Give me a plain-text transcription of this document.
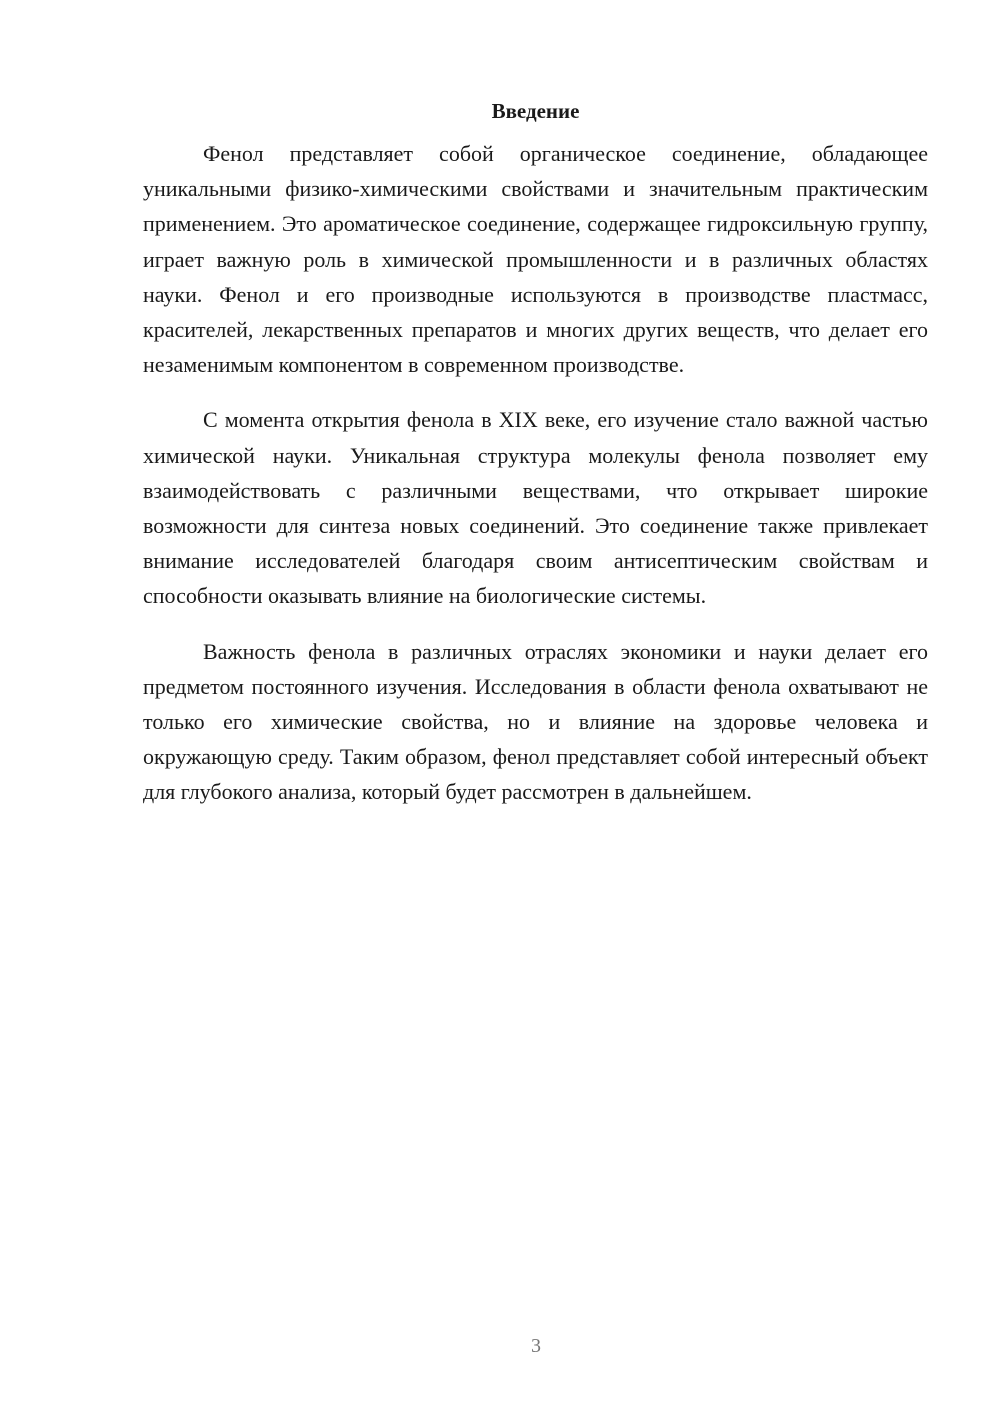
Введение

Фенол представляет собой органическое соединение, обладающее уникальными физико-химическими свойствами и значительным практическим применением. Это ароматическое соединение, содержащее гидроксильную группу, играет важную роль в химической промышленности и в различных областях науки. Фенол и его производные используются в производстве пластмасс, красителей, лекарственных препаратов и многих других веществ, что делает его незаменимым компонентом в современном производстве.

С момента открытия фенола в XIX веке, его изучение стало важной частью химической науки. Уникальная структура молекулы фенола позволяет ему взаимодействовать с различными веществами, что открывает широкие возможности для синтеза новых соединений. Это соединение также привлекает внимание исследователей благодаря своим антисептическим свойствам и способности оказывать влияние на биологические системы.

Важность фенола в различных отраслях экономики и науки делает его предметом постоянного изучения. Исследования в области фенола охватывают не только его химические свойства, но и влияние на здоровье человека и окружающую среду. Таким образом, фенол представляет собой интересный объект для глубокого анализа, который будет рассмотрен в дальнейшем.

3
